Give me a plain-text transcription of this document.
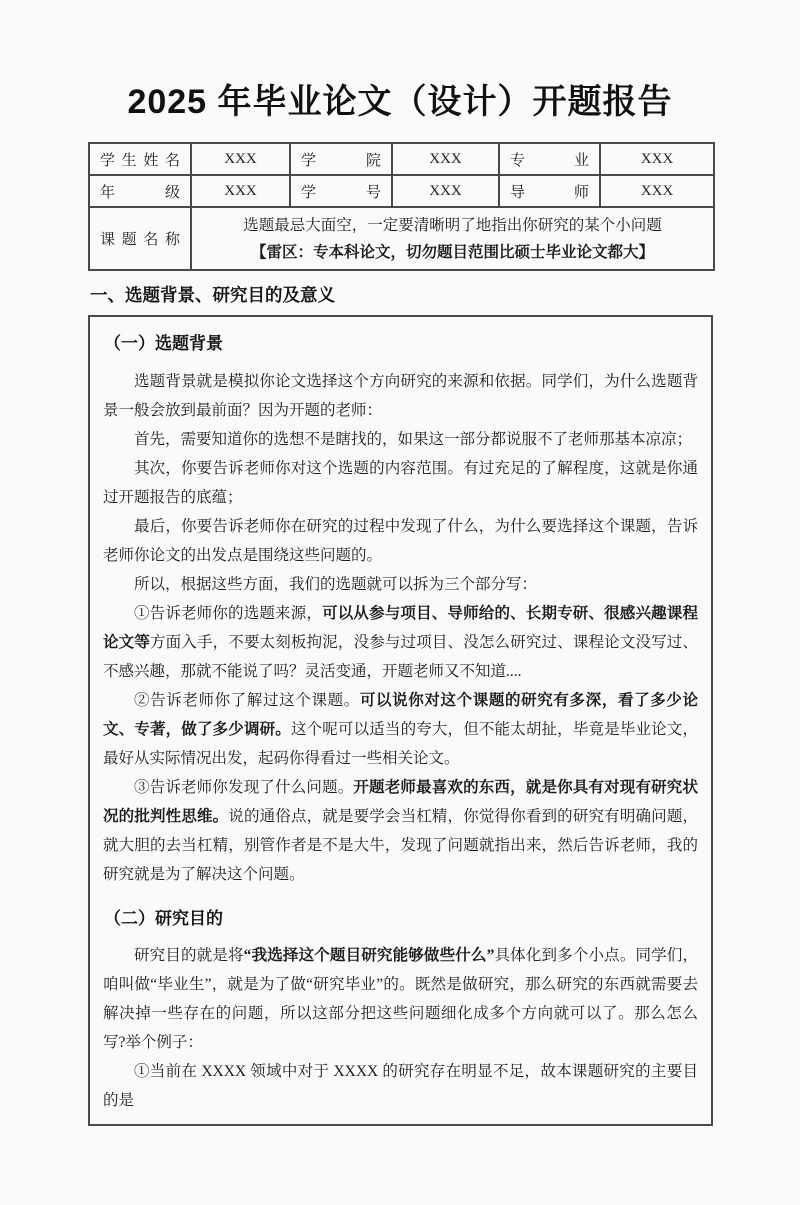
2025 年毕业论文（设计）开题报告
学生姓名	XXX	学院	XXX	专业	XXX
年级	XXX	学号	XXX	导师	XXX
课题名称	选题最忌大面空，一定要清晰明了地指出你研究的某个小问题
【雷区：专本科论文，切勿题目范围比硕士毕业论文都大】				
一、选题背景、研究目的及意义
（一）选题背景

选题背景就是模拟你论文选择这个方向研究的来源和依据。同学们，为什么选题背景一般会放到最前面？因为开题的老师：

首先，需要知道你的选想不是瞎找的，如果这一部分都说服不了老师那基本凉凉；

其次，你要告诉老师你对这个选题的内容范围。有过充足的了解程度，这就是你通过开题报告的底蕴；

最后，你要告诉老师你在研究的过程中发现了什么，为什么要选择这个课题，告诉老师你论文的出发点是围绕这些问题的。

所以，根据这些方面，我们的选题就可以拆为三个部分写：

①告诉老师你的选题来源，可以从参与项目、导师给的、长期专研、很感兴趣课程论文等方面入手，不要太刻板拘泥，没参与过项目、没怎么研究过、课程论文没写过、不感兴趣，那就不能说了吗？灵活变通，开题老师又不知道....

②告诉老师你了解过这个课题。可以说你对这个课题的研究有多深，看了多少论文、专著，做了多少调研。这个呢可以适当的夸大，但不能太胡扯，毕竟是毕业论文，最好从实际情况出发，起码你得看过一些相关论文。

③告诉老师你发现了什么问题。开题老师最喜欢的东西，就是你具有对现有研究状况的批判性思维。说的通俗点，就是要学会当杠精，你觉得你看到的研究有明确问题，就大胆的去当杠精，别管作者是不是大牛，发现了问题就指出来，然后告诉老师，我的研究就是为了解决这个问题。

（二）研究目的

研究目的就是将“我选择这个题目研究能够做些什么”具体化到多个小点。同学们，咱叫做“毕业生”，就是为了做“研究毕业”的。既然是做研究，那么研究的东西就需要去解决掉一些存在的问题，所以这部分把这些问题细化成多个方向就可以了。那么怎么写?举个例子：

①当前在 XXXX 领域中对于 XXXX 的研究存在明显不足，故本课题研究的主要目的是
